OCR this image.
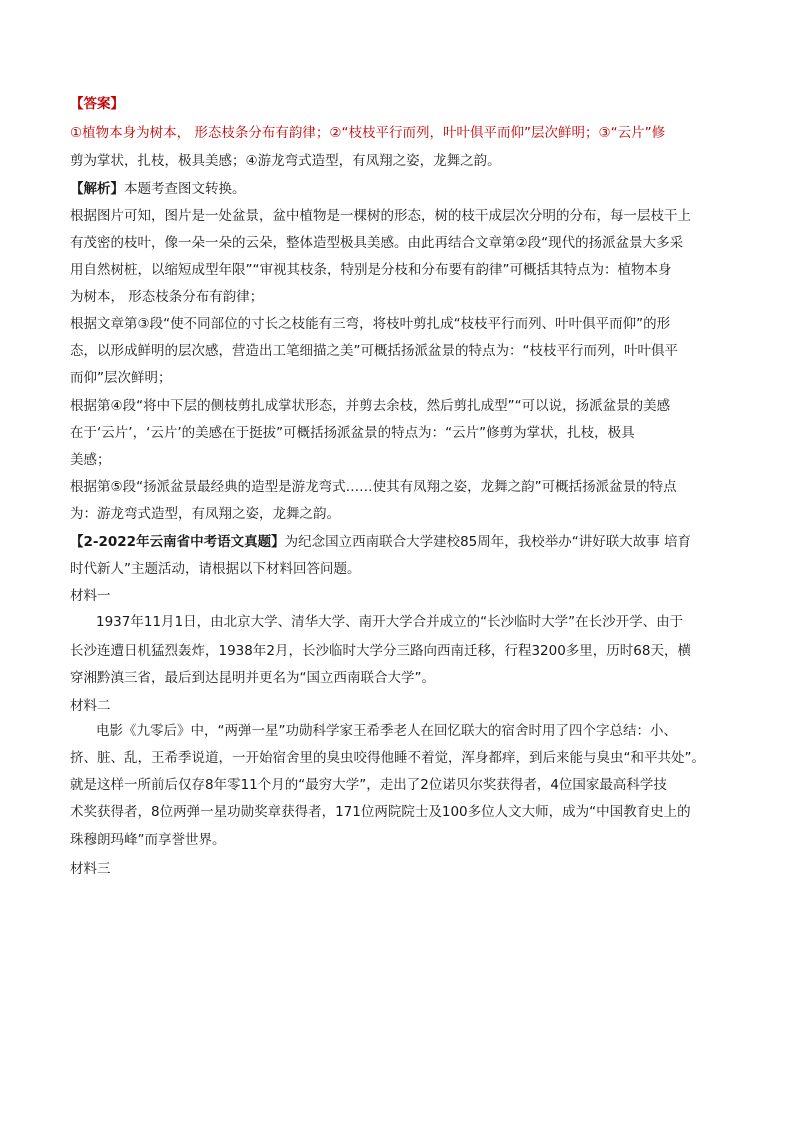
【答案】
①植物本身为树本， 形态枝条分布有韵律；②“枝枝平行而列，叶叶俱平而仰”层次鲜明；③“云片”修
剪为掌状，扎枝，极具美感；④游龙弯式造型，有凤翔之姿，龙舞之韵。
【解析】本题考查图文转换。
根据图片可知，图片是一处盆景，盆中植物是一棵树的形态，树的枝干成层次分明的分布，每一层枝干上
有茂密的枝叶，像一朵一朵的云朵，整体造型极具美感。由此再结合文章第②段“现代的扬派盆景大多采
用自然树桩，以缩短成型年限”“审视其枝条，特别是分枝和分布要有韵律”可概括其特点为：植物本身
为树本， 形态枝条分布有韵律；
根据文章第③段“使不同部位的寸长之枝能有三弯，将枝叶剪扎成“枝枝平行而列、叶叶俱平而仰”的形
态，以形成鲜明的层次感，营造出工笔细描之美”可概括扬派盆景的特点为：“枝枝平行而列，叶叶俱平
而仰”层次鲜明；
根据第④段“将中下层的侧枝剪扎成掌状形态，并剪去余枝，然后剪扎成型”“可以说，扬派盆景的美感
在于‘云片’，‘云片’的美感在于挺拔”可概括扬派盆景的特点为：“云片”修剪为掌状，扎枝，极具
美感；
根据第⑤段“扬派盆景最经典的造型是游龙弯式……使其有凤翔之姿，龙舞之韵”可概括扬派盆景的特点
为：游龙弯式造型，有凤翔之姿，龙舞之韵。
【2-2022年云南省中考语文真题】为纪念国立西南联合大学建校85周年，我校举办“讲好联大故事 培育
时代新人”主题活动，请根据以下材料回答问题。
材料一
1937年11月1日，由北京大学、清华大学、南开大学合并成立的“长沙临时大学”在长沙开学、由于
长沙连遭日机猛烈轰炸，1938年2月，长沙临时大学分三路向西南迁移，行程3200多里，历时68天，横
穿湘黔滇三省，最后到达昆明并更名为“国立西南联合大学”。
材料二
电影《九零后》中，“两弹一星”功勋科学家王希季老人在回忆联大的宿舍时用了四个字总结：小、
挤、脏、乱，王希季说道，一开始宿舍里的臭虫咬得他睡不着觉，浑身都痒，到后来能与臭虫“和平共处”。
就是这样一所前后仅存8年零11个月的“最穷大学”，走出了2位诺贝尔奖获得者，4位国家最高科学技
术奖获得者，8位两弹一星功勋奖章获得者，171位两院院士及100多位人文大师，成为“中国教育史上的
珠穆朗玛峰”而享誉世界。
材料三
